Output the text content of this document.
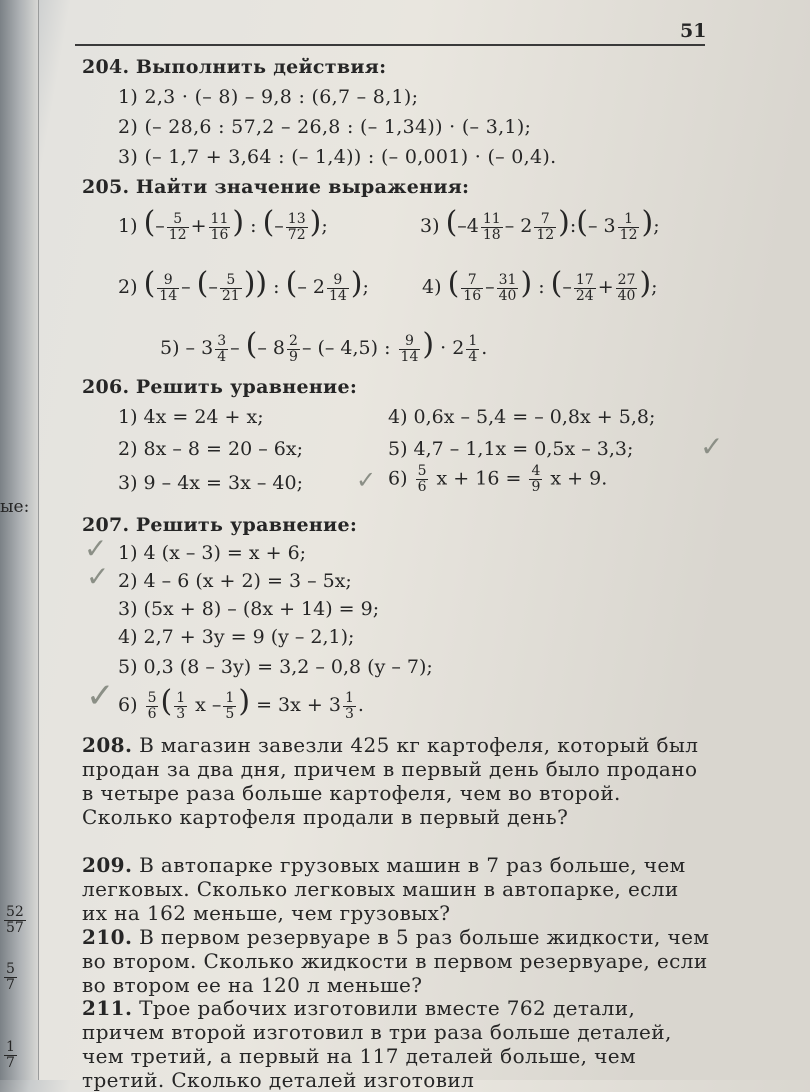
ые:
$\frac{52}{57}$
$\frac{5}{7}$
$\frac{1}{7}$
51
204. Выполнить действия:
1) 2,3 · (– 8) – 9,8 : (6,7 – 8,1);
2) (– 28,6 : 57,2 – 26,8 : (– 1,34)) · (– 3,1);
3) (– 1,7 + 3,64 : (– 1,4)) : (– 0,001) · (– 0,4).
205. Найти значение выражения:
1) (– $\frac{5}{12} + \frac{11}{16}$ ) : (– $\frac{13}{72}$ );	3) ($-4 \frac{11}{18} - 2 \frac{7}{12}$ ):(– $3 \frac{1}{12}$ );
2) ( $\frac{9}{14}$ – (– $\frac{5}{21}$ )) : (– $2 \frac{9}{14}$ );	4) ( $\frac{7}{16} - \frac{31}{40}$ ) : (– $\frac{17}{24} + \frac{27}{40}$ );
$5) - 3 \frac{3}{4}$ – (– $8 \frac{2}{9}$ – (– 4,5) : $\frac{9}{14}$ ) · $2 \frac{1}{4}$ .
206. Решить уравнение:
1) 4x = 24 + x;
2) 8x – 8 = 20 – 6x;
3) 9 – 4x = 3x – 40;
4) 0,6x – 5,4 = – 0,8x + 5,8;
5) 4,7 – 1,1x = 0,5x – 3,3;
$6) \frac{5}{6}$ $x + 16 = \frac{4}{9}$ x + 9.
207. Решить уравнение:
1) 4 (x – 3) = x + 6;
2) 4 – 6 (x + 2) = 3 – 5x;
3) (5x + 8) – (8x + 14) = 9;
4) 2,7 + 3y = 9 (y – 2,1);
5) 0,3 (8 – 3y) = 3,2 – 0,8 (y – 7);
$6) \frac{5}{6}$ ( $\frac{1}{3}$ x – $\frac{1}{5}$ ) = $3x + 3 \frac{1}{3}$ .
208. В магазин завезли 425 кг картофеля, который был продан за два дня, причем в первый день было продано в четыре раза больше картофеля, чем во второй. Сколько картофеля продали в первый день?
209. В автопарке грузовых машин в 7 раз больше, чем легковых. Сколько легковых машин в автопарке, если их на 162 меньше, чем грузовых?
210. В первом резервуаре в 5 раз больше жидкости, чем во втором. Сколько жидкости в первом резервуаре, если во втором ее на 120 л меньше?
211. Трое рабочих изготовили вместе 762 детали, причем второй изготовил в три раза больше деталей, чем третий, а первый на 117 деталей больше, чем третий. Сколько деталей изготовил
✓
✓
✓
✓
✓
